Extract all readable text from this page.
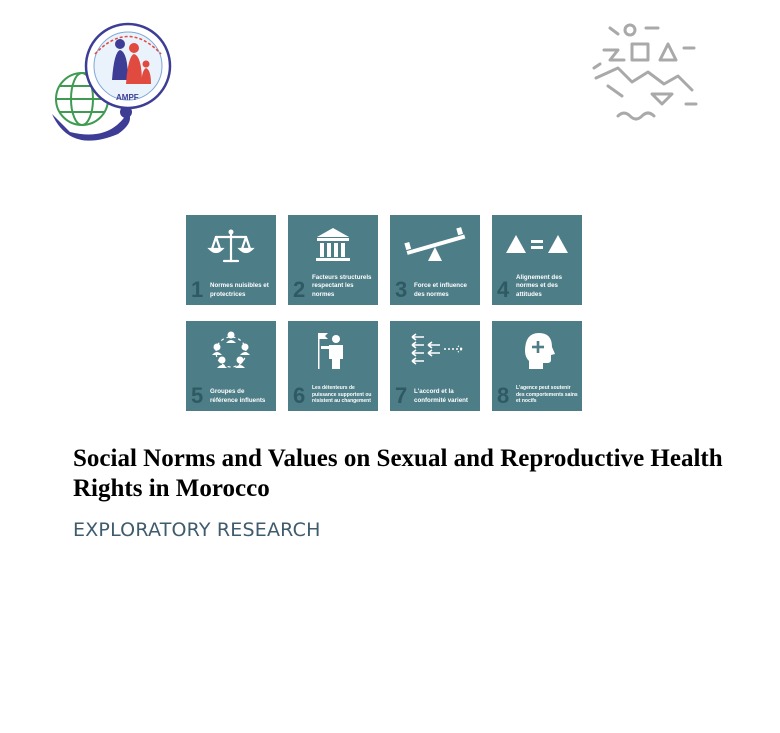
AMPF
1 Normes nuisibles et protectrices	2 Facteurs structurels respectant les normes	3 Force et influence des normes	4 Alignement des normes et des attitudes
5 Groupes de référence influents	6 Les détenteurs de puissance supportent ou résistent au changement 7 L'accord et la conformité varient	8 L'agence peut soutenir des comportements sains et nocifs
Social Norms and Values on Sexual and Reproductive Health Rights in Morocco
EXPLORATORY RESEARCH
